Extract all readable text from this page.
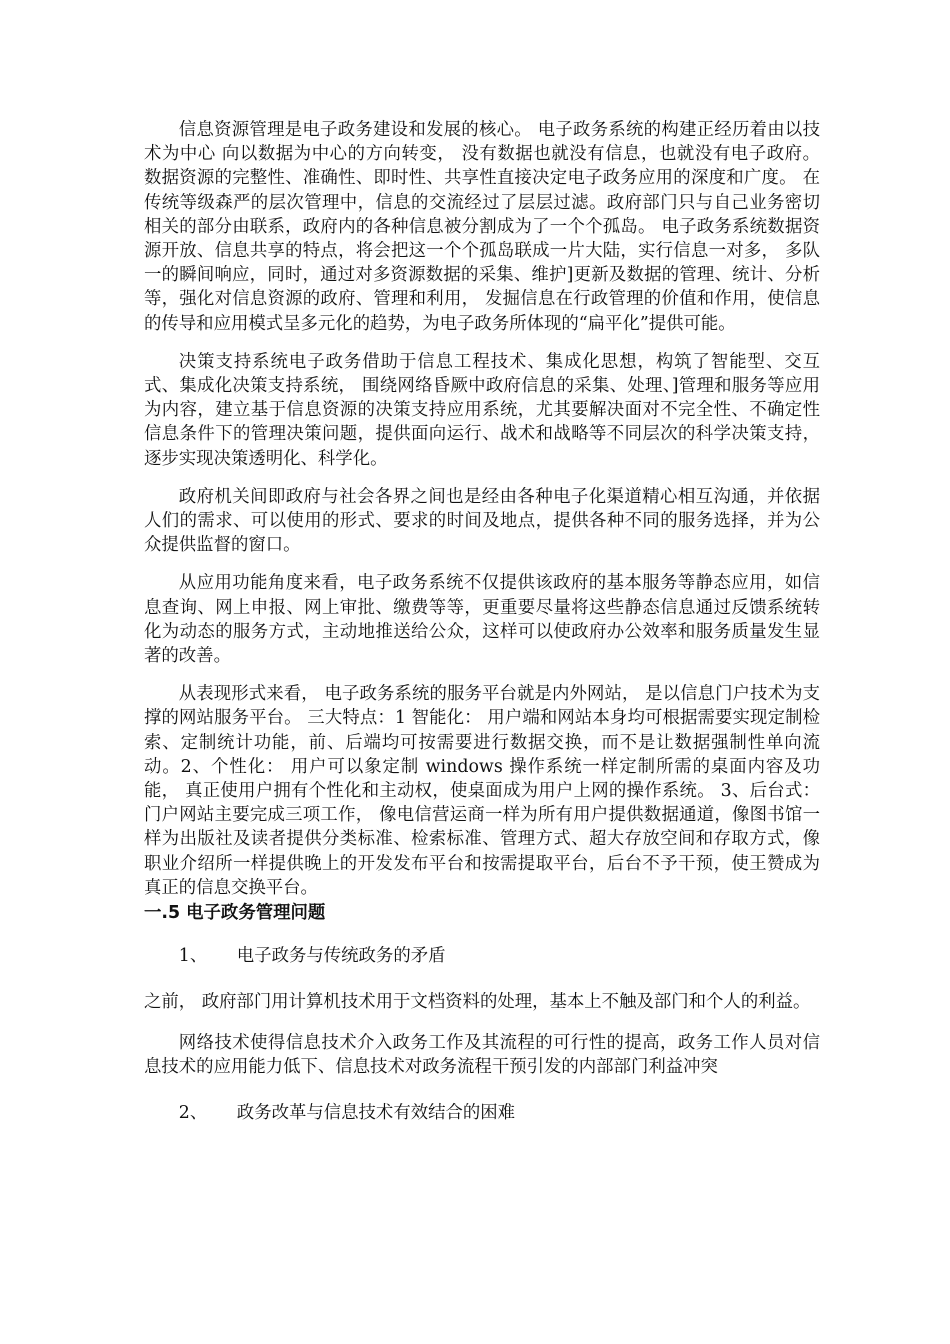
信息资源管理是电子政务建设和发展的核心。 电子政务系统的构建正经历着由以技术为中心 向以数据为中心的方向转变， 没有数据也就没有信息，也就没有电子政府。 数据资源的完整性、准确性、即时性、共享性直接决定电子政务应用的深度和广度。 在传统等级森严的层次管理中，信息的交流经过了层层过滤。政府部门只与自己业务密切相关的部分由联系，政府内的各种信息被分割成为了一个个孤岛。 电子政务系统数据资源开放、信息共享的特点，将会把这一个个孤岛联成一片大陆，实行信息一对多， 多队一的瞬间响应，同时，通过对多资源数据的采集、维护]更新及数据的管理、统计、分析等，强化对信息资源的政府、管理和利用， 发掘信息在行政管理的价值和作用，使信息的传导和应用模式呈多元化的趋势，为电子政务所体现的“扁平化”提供可能。

决策支持系统电子政务借助于信息工程技术、集成化思想，构筑了智能型、交互式、集成化决策支持系统， 围绕网络昏厥中政府信息的采集、处理、]管理和服务等应用为内容，建立基于信息资源的决策支持应用系统，尤其要解决面对不完全性、不确定性信息条件下的管理决策问题，提供面向运行、战术和战略等不同层次的科学决策支持，逐步实现决策透明化、科学化。

政府机关间即政府与社会各界之间也是经由各种电子化渠道精心相互沟通，并依据人们的需求、可以使用的形式、要求的时间及地点，提供各种不同的服务选择，并为公众提供监督的窗口。

从应用功能角度来看，电子政务系统不仅提供该政府的基本服务等静态应用，如信息查询、网上申报、网上审批、缴费等等，更重要尽量将这些静态信息通过反馈系统转化为动态的服务方式，主动地推送给公众，这样可以使政府办公效率和服务质量发生显著的改善。

从表现形式来看， 电子政务系统的服务平台就是内外网站， 是以信息门户技术为支撑的网站服务平台。 三大特点：1 智能化： 用户端和网站本身均可根据需要实现定制检索、定制统计功能，前、后端均可按需要进行数据交换，而不是让数据强制性单向流动。2、个性化： 用户可以象定制 windows 操作系统一样定制所需的桌面内容及功能， 真正使用户拥有个性化和主动权，使桌面成为用户上网的操作系统。 3、后台式：门户网站主要完成三项工作， 像电信营运商一样为所有用户提供数据通道，像图书馆一样为出版社及读者提供分类标准、检索标准、管理方式、超大存放空间和存取方式，像职业介绍所一样提供晚上的开发发布平台和按需提取平台，后台不予干预，使王赞成为真正的信息交换平台。

一.5 电子政务管理问题

1、 电子政务与传统政务的矛盾

之前， 政府部门用计算机技术用于文档资料的处理，基本上不触及部门和个人的利益。

网络技术使得信息技术介入政务工作及其流程的可行性的提高，政务工作人员对信息技术的应用能力低下、信息技术对政务流程干预引发的内部部门利益冲突

2、 政务改革与信息技术有效结合的困难
